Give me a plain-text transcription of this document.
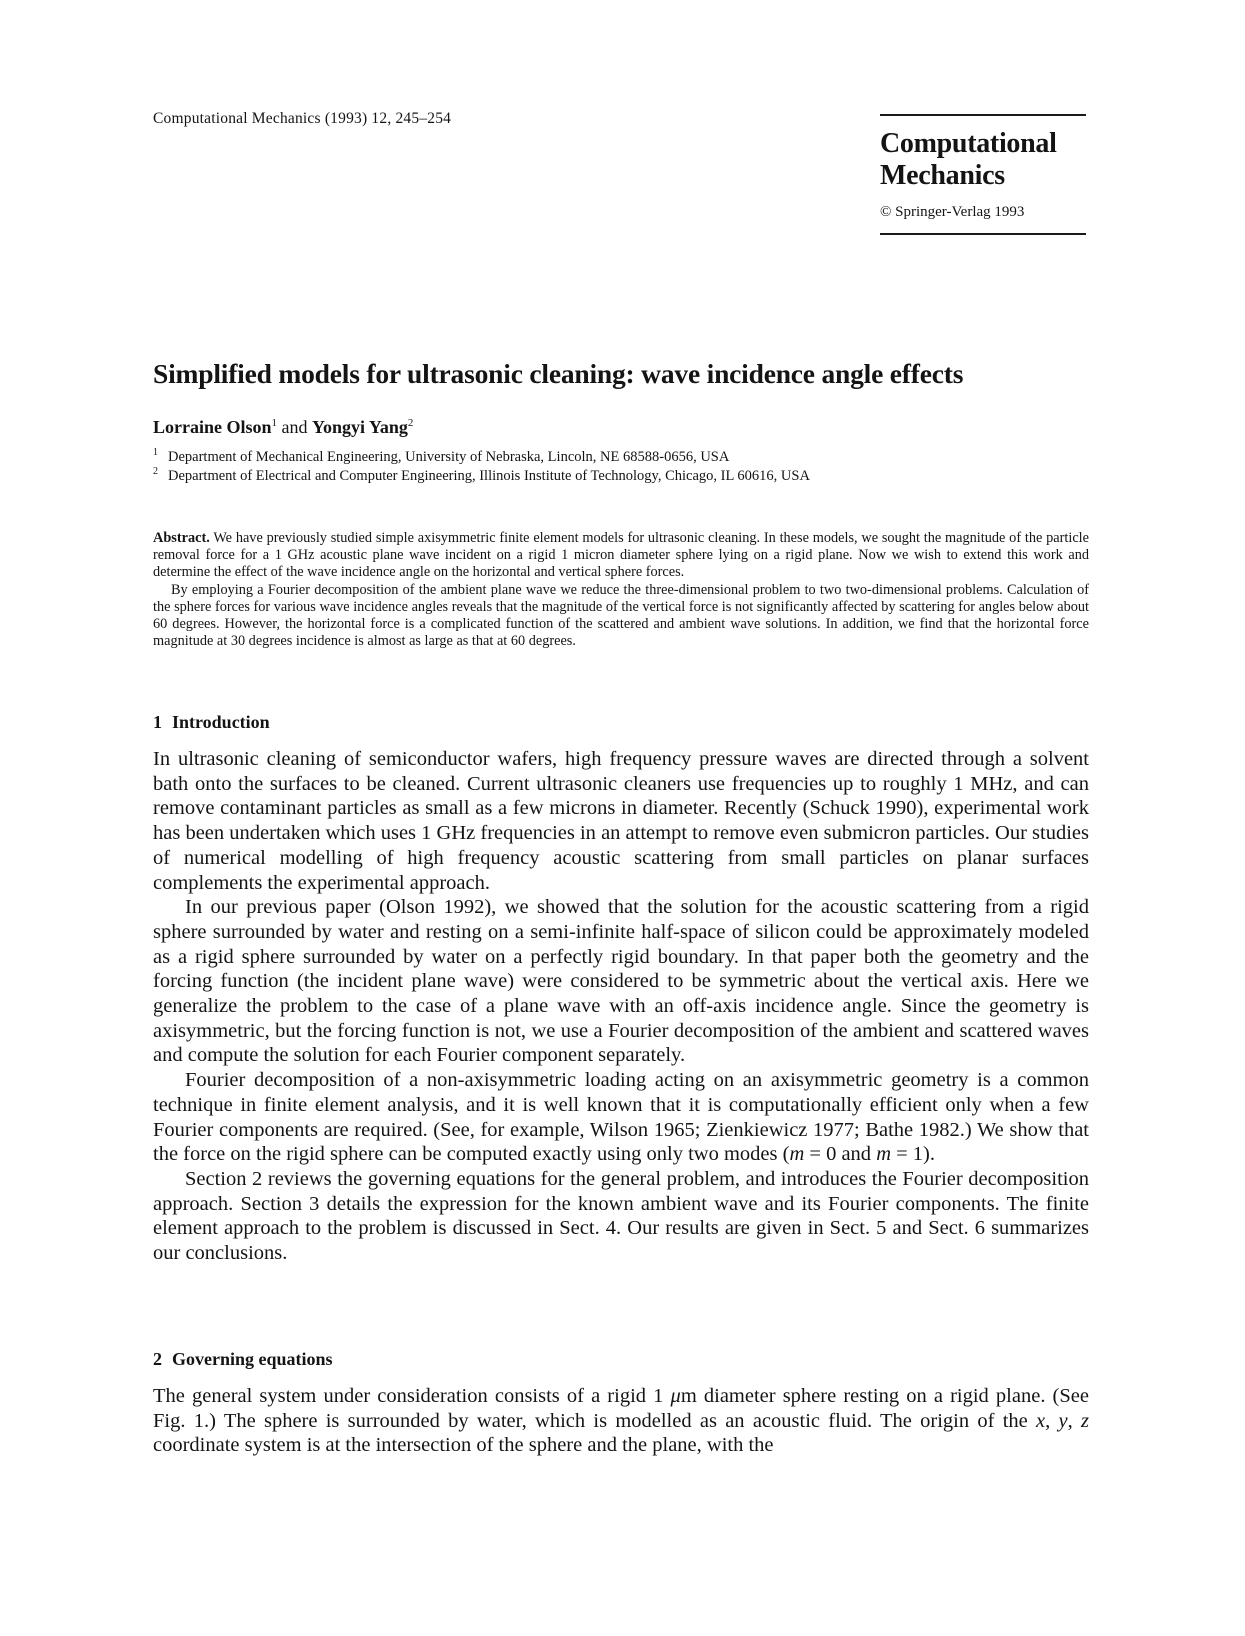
Computational Mechanics (1993) 12, 245–254
Computational
Mechanics
© Springer-Verlag 1993
Simplified models for ultrasonic cleaning: wave incidence angle effects
Lorraine Olson$^1$ and Yongyi Yang$^2$
$^1$ Department of Mechanical Engineering, University of Nebraska, Lincoln, NE 68588-0656, USA
$^2$ Department of Electrical and Computer Engineering, Illinois Institute of Technology, Chicago, IL 60616, USA

Abstract. We have previously studied simple axisymmetric finite element models for ultrasonic cleaning. In these models, we sought the magnitude of the particle removal force for a 1 GHz acoustic plane wave incident on a rigid 1 micron diameter sphere lying on a rigid plane. Now we wish to extend this work and determine the effect of the wave incidence angle on the horizontal and vertical sphere forces.

By employing a Fourier decomposition of the ambient plane wave we reduce the three-dimensional problem to two two-dimensional problems. Calculation of the sphere forces for various wave incidence angles reveals that the magnitude of the vertical force is not significantly affected by scattering for angles below about 60 degrees. However, the horizontal force is a complicated function of the scattered and ambient wave solutions. In addition, we find that the horizontal force magnitude at 30 degrees incidence is almost as large as that at 60 degrees.

1 Introduction

In ultrasonic cleaning of semiconductor wafers, high frequency pressure waves are directed through a solvent bath onto the surfaces to be cleaned. Current ultrasonic cleaners use frequencies up to roughly 1 MHz, and can remove contaminant particles as small as a few microns in diameter. Recently (Schuck 1990), experimental work has been undertaken which uses 1 GHz frequencies in an attempt to remove even submicron particles. Our studies of numerical modelling of high frequency acoustic scattering from small particles on planar surfaces complements the experimental approach.

In our previous paper (Olson 1992), we showed that the solution for the acoustic scattering from a rigid sphere surrounded by water and resting on a semi-infinite half-space of silicon could be approximately modeled as a rigid sphere surrounded by water on a perfectly rigid boundary. In that paper both the geometry and the forcing function (the incident plane wave) were considered to be symmetric about the vertical axis. Here we generalize the problem to the case of a plane wave with an off-axis incidence angle. Since the geometry is axisymmetric, but the forcing function is not, we use a Fourier decomposition of the ambient and scattered waves and compute the solution for each Fourier component separately.

Fourier decomposition of a non-axisymmetric loading acting on an axisymmetric geometry is a common technique in finite element analysis, and it is well known that it is computationally efficient only when a few Fourier components are required. (See, for example, Wilson 1965; Zienkiewicz 1977; Bathe 1982.) We show that the force on the rigid sphere can be computed exactly using only two modes (m = 0 and m = 1).

Section 2 reviews the governing equations for the general problem, and introduces the Fourier decomposition approach. Section 3 details the expression for the known ambient wave and its Fourier components. The finite element approach to the problem is discussed in Sect. 4. Our results are given in Sect. 5 and Sect. 6 summarizes our conclusions.

2 Governing equations

The general system under consideration consists of a rigid 1 μm diameter sphere resting on a rigid plane. (See Fig. 1.) The sphere is surrounded by water, which is modelled as an acoustic fluid. The origin of the x, y, z coordinate system is at the intersection of the sphere and the plane, with the
